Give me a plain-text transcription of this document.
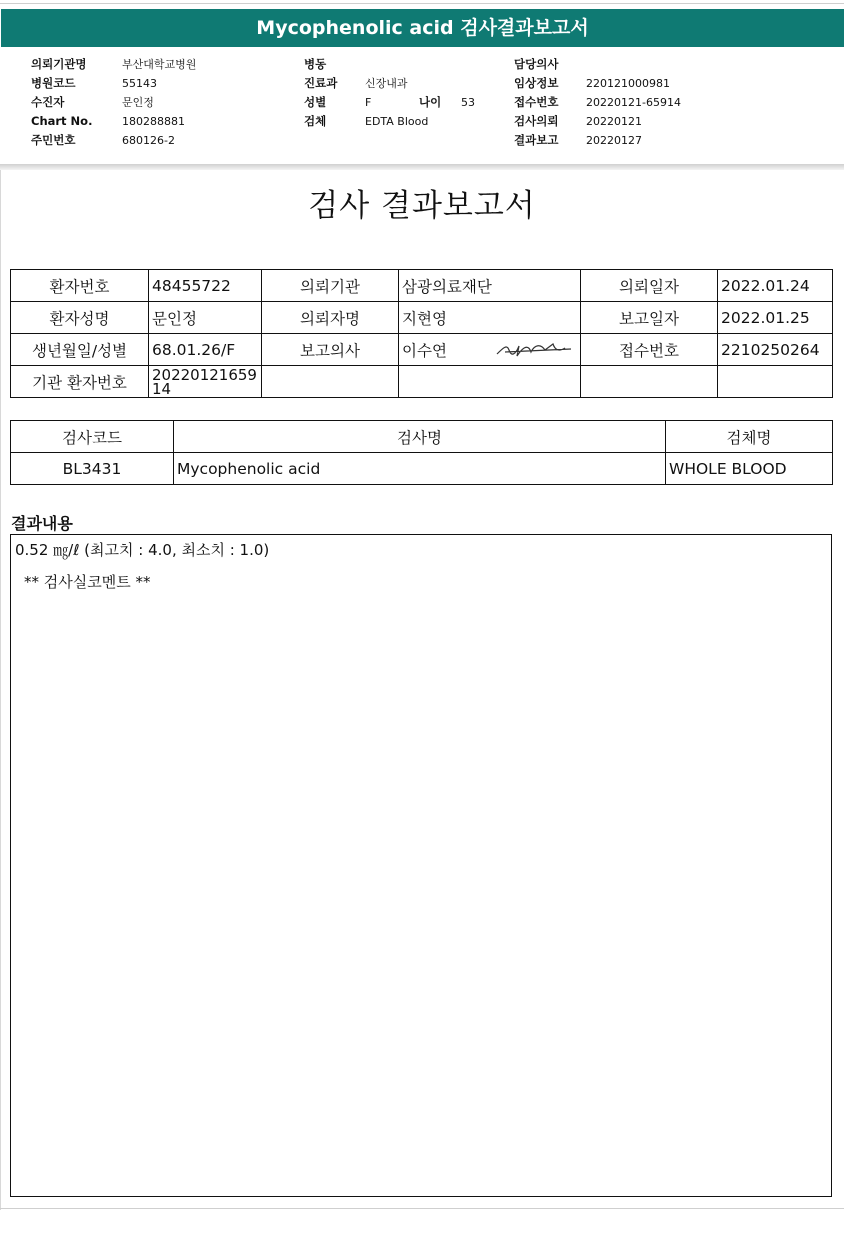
Mycophenolic acid 검사결과보고서
의뢰기관명	부산대학교병원
병원코드	55143
수진자	문인정
Chart No.	180288881
주민번호	680126-2
병동
진료과	신장내과
성별	F	나이 53
검체	EDTA Blood
담당의사
임상정보	220121000981
접수번호	20220121-65914
검사의뢰	20220121
결과보고	20220127
검사 결과보고서
환자번호	48455722	의뢰기관	삼광의료재단	의뢰일자	2022.01.24
환자성명	문인정	의뢰자명	지현영	보고일자	2022.01.25
생년월일/성별	68.01.26/F	보고의사	이수연	접수번호	2210250264
기관 환자번호	2022012165914				
검사코드	검사명	검체명
BL3431	Mycophenolic acid	WHOLE BLOOD
결과내용
0.52 ㎎/ℓ (최고치 : 4.0, 최소치 : 1.0)
** 검사실코멘트 **
